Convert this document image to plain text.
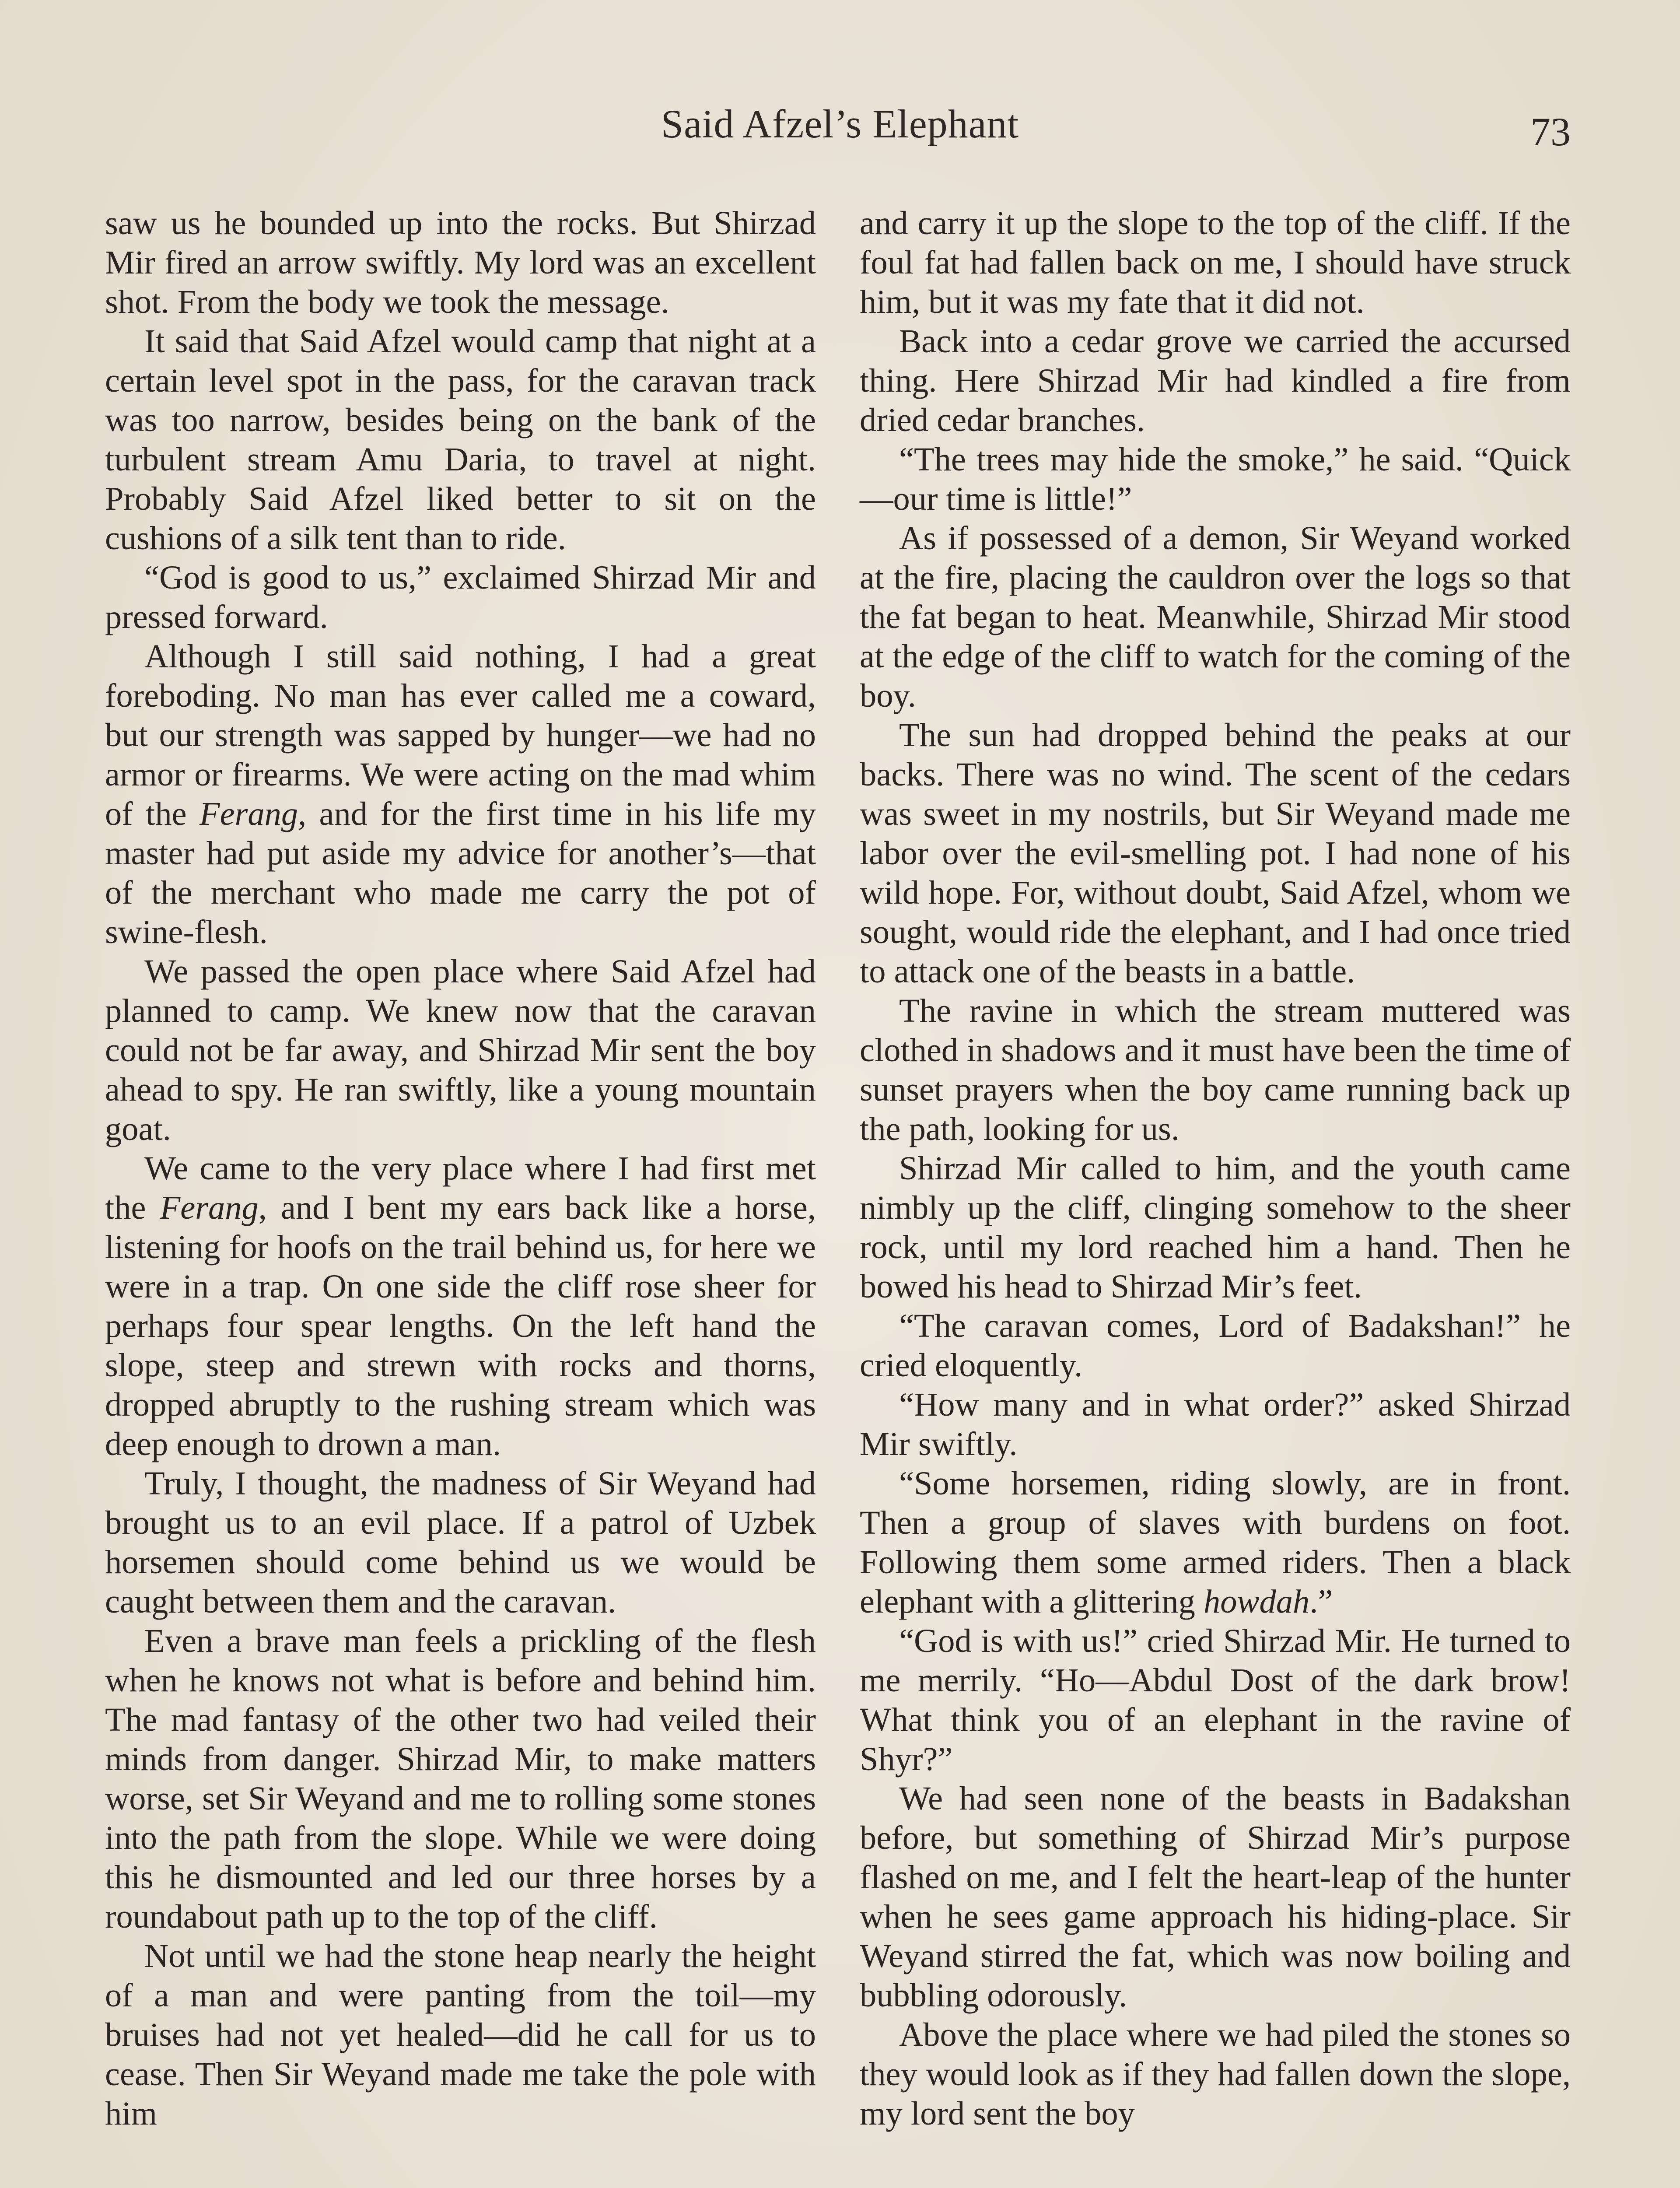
Said Afzel’s Elephant	73

saw us he bounded up into the rocks. But Shirzad Mir fired an arrow swiftly. My lord was an excellent shot. From the body we took the message.

It said that Said Afzel would camp that night at a certain level spot in the pass, for the caravan track was too narrow, besides being on the bank of the turbulent stream Amu Daria, to travel at night. Probably Said Afzel liked better to sit on the cushions of a silk tent than to ride.

“God is good to us,” exclaimed Shirzad Mir and pressed forward.

Although I still said nothing, I had a great foreboding. No man has ever called me a coward, but our strength was sapped by hunger—we had no armor or firearms. We were acting on the mad whim of the Ferang, and for the first time in his life my master had put aside my advice for another’s—that of the merchant who made me carry the pot of swine-flesh.

We passed the open place where Said Afzel had planned to camp. We knew now that the caravan could not be far away, and Shirzad Mir sent the boy ahead to spy. He ran swiftly, like a young mountain goat.

We came to the very place where I had first met the Ferang, and I bent my ears back like a horse, listening for hoofs on the trail behind us, for here we were in a trap. On one side the cliff rose sheer for perhaps four spear lengths. On the left hand the slope, steep and strewn with rocks and thorns, dropped abruptly to the rushing stream which was deep enough to drown a man.

Truly, I thought, the madness of Sir Weyand had brought us to an evil place. If a patrol of Uzbek horsemen should come behind us we would be caught between them and the caravan.

Even a brave man feels a prickling of the flesh when he knows not what is before and behind him. The mad fantasy of the other two had veiled their minds from danger. Shirzad Mir, to make matters worse, set Sir Weyand and me to rolling some stones into the path from the slope. While we were doing this he dismounted and led our three horses by a roundabout path up to the top of the cliff.

Not until we had the stone heap nearly the height of a man and were panting from the toil—my bruises had not yet healed—did he call for us to cease. Then Sir Weyand made me take the pole with him

and carry it up the slope to the top of the cliff. If the foul fat had fallen back on me, I should have struck him, but it was my fate that it did not.

Back into a cedar grove we carried the accursed thing. Here Shirzad Mir had kindled a fire from dried cedar branches.

“The trees may hide the smoke,” he said. “Quick—our time is little!”

As if possessed of a demon, Sir Weyand worked at the fire, placing the cauldron over the logs so that the fat began to heat. Meanwhile, Shirzad Mir stood at the edge of the cliff to watch for the coming of the boy.

The sun had dropped behind the peaks at our backs. There was no wind. The scent of the cedars was sweet in my nostrils, but Sir Weyand made me labor over the evil-smelling pot. I had none of his wild hope. For, without doubt, Said Afzel, whom we sought, would ride the elephant, and I had once tried to attack one of the beasts in a battle.

The ravine in which the stream muttered was clothed in shadows and it must have been the time of sunset prayers when the boy came running back up the path, looking for us.

Shirzad Mir called to him, and the youth came nimbly up the cliff, clinging somehow to the sheer rock, until my lord reached him a hand. Then he bowed his head to Shirzad Mir’s feet.

“The caravan comes, Lord of Badakshan!” he cried eloquently.

“How many and in what order?” asked Shirzad Mir swiftly.

“Some horsemen, riding slowly, are in front. Then a group of slaves with burdens on foot. Following them some armed riders. Then a black elephant with a glittering howdah.”

“God is with us!” cried Shirzad Mir. He turned to me merrily. “Ho—Abdul Dost of the dark brow! What think you of an elephant in the ravine of Shyr?”

We had seen none of the beasts in Badakshan before, but something of Shirzad Mir’s purpose flashed on me, and I felt the heart-leap of the hunter when he sees game approach his hiding-place. Sir Weyand stirred the fat, which was now boiling and bubbling odorously.

Above the place where we had piled the stones so they would look as if they had fallen down the slope, my lord sent the boy
